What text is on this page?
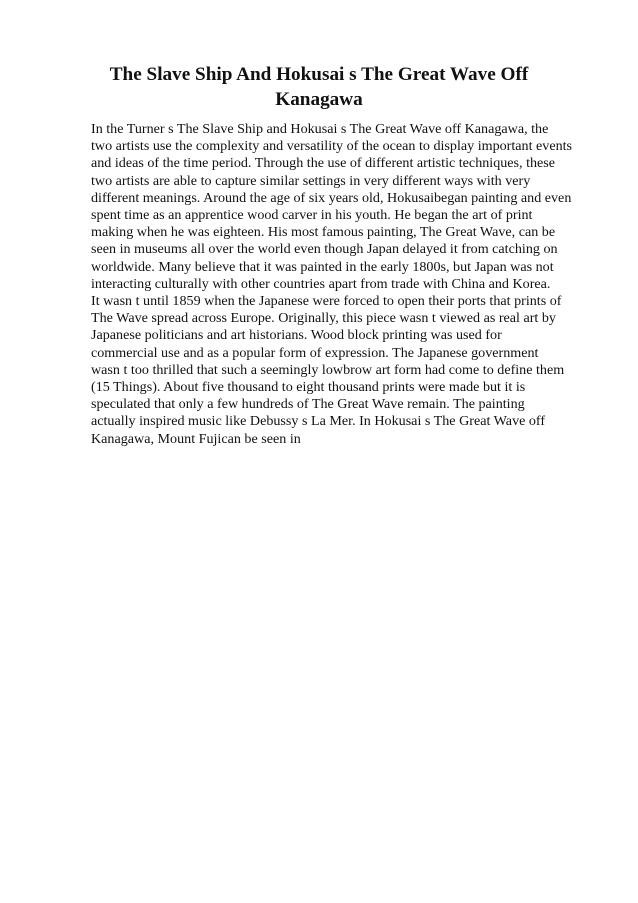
The Slave Ship And Hokusai s The Great Wave Off
Kanagawa
In the Turner s The Slave Ship and Hokusai s The Great Wave off Kanagawa, the
two artists use the complexity and versatility of the ocean to display important events
and ideas of the time period. Through the use of different artistic techniques, these
two artists are able to capture similar settings in very different ways with very
different meanings. Around the age of six years old, Hokusaibegan painting and even
spent time as an apprentice wood carver in his youth. He began the art of print
making when he was eighteen. His most famous painting, The Great Wave, can be
seen in museums all over the world even though Japan delayed it from catching on
worldwide. Many believe that it was painted in the early 1800s, but Japan was not
interacting culturally with other countries apart from trade with China and Korea.
It wasn t until 1859 when the Japanese were forced to open their ports that prints of
The Wave spread across Europe. Originally, this piece wasn t viewed as real art by
Japanese politicians and art historians. Wood block printing was used for
commercial use and as a popular form of expression. The Japanese government
wasn t too thrilled that such a seemingly lowbrow art form had come to define them
(15 Things). About five thousand to eight thousand prints were made but it is
speculated that only a few hundreds of The Great Wave remain. The painting
actually inspired music like Debussy s La Mer. In Hokusai s The Great Wave off
Kanagawa, Mount Fujican be seen in
